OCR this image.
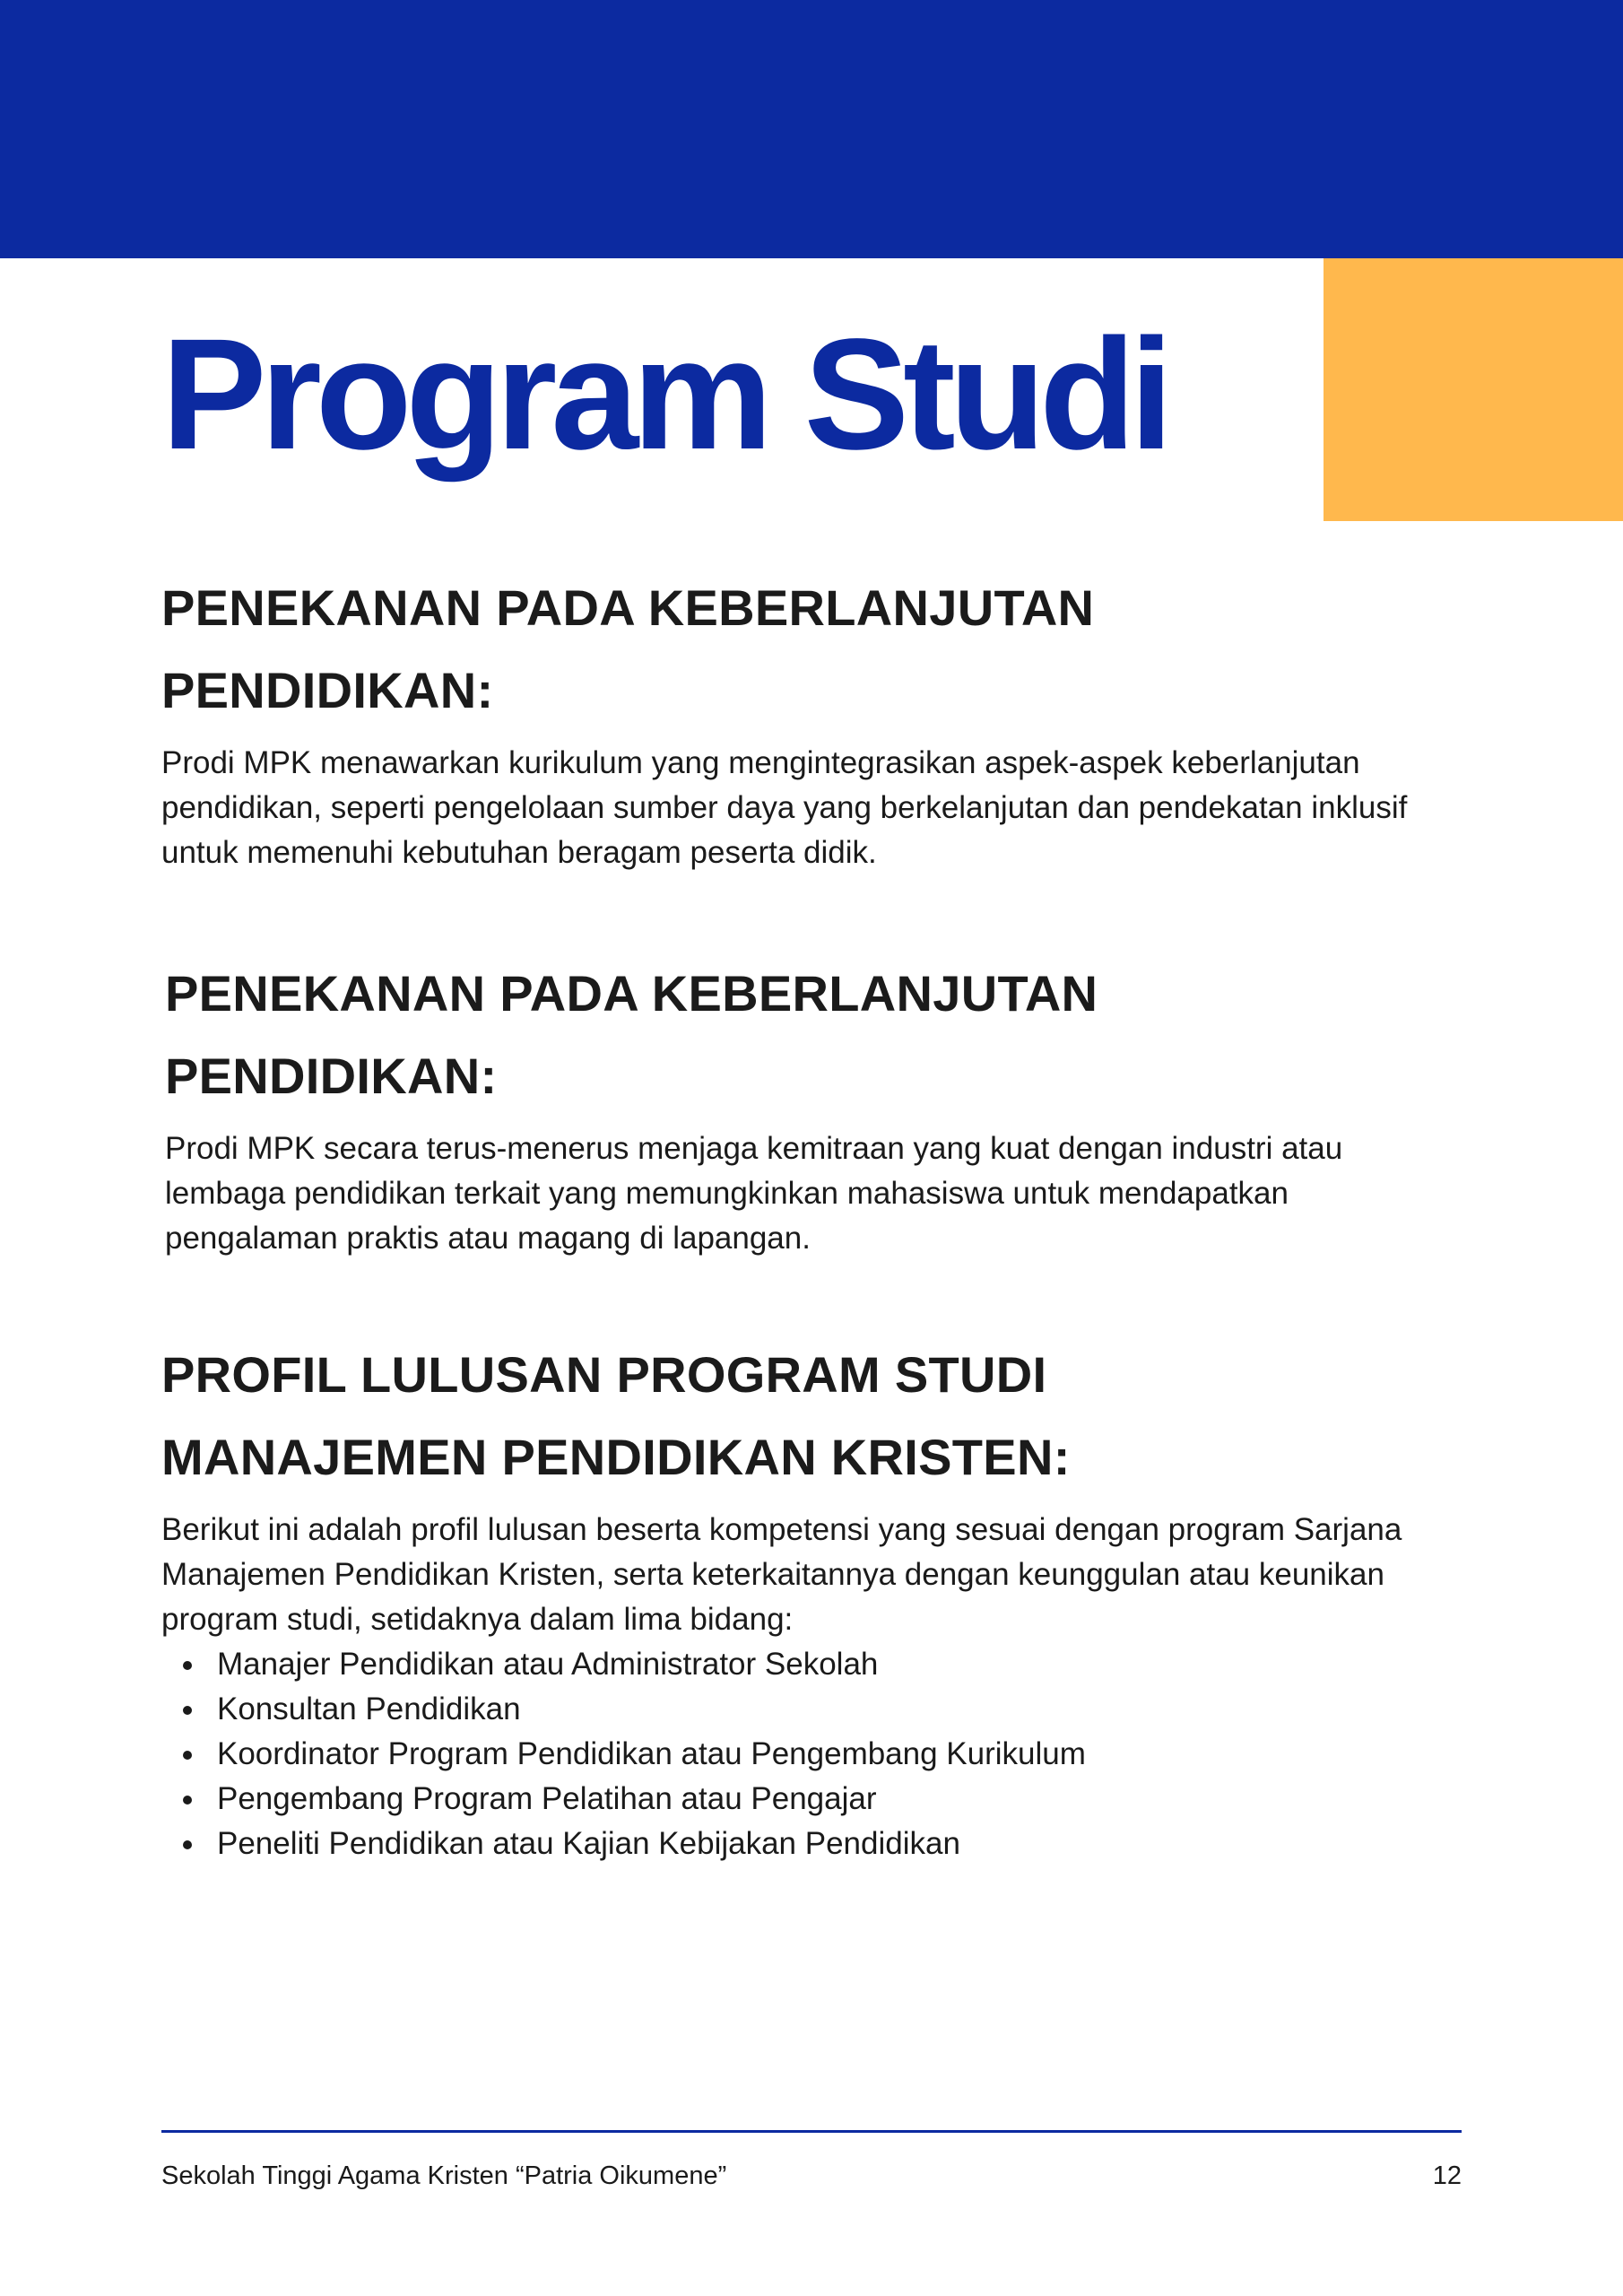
Program Studi
PENEKANAN PADA KEBERLANJUTAN
PENDIDIKAN:

Prodi MPK menawarkan kurikulum yang mengintegrasikan aspek-aspek keberlanjutan pendidikan, seperti pengelolaan sumber daya yang berkelanjutan dan pendekatan inklusif untuk memenuhi kebutuhan beragam peserta didik.

PENEKANAN PADA KEBERLANJUTAN
PENDIDIKAN:

Prodi MPK secara terus-menerus menjaga kemitraan yang kuat dengan industri atau lembaga pendidikan terkait yang memungkinkan mahasiswa untuk mendapatkan pengalaman praktis atau magang di lapangan.

PROFIL LULUSAN PROGRAM STUDI
MANAJEMEN PENDIDIKAN KRISTEN:

Berikut ini adalah profil lulusan beserta kompetensi yang sesuai dengan program Sarjana Manajemen Pendidikan Kristen, serta keterkaitannya dengan keunggulan atau keunikan program studi, setidaknya dalam lima bidang:

Manajer Pendidikan atau Administrator Sekolah
Konsultan Pendidikan
Koordinator Program Pendidikan atau Pengembang Kurikulum
Pengembang Program Pelatihan atau Pengajar
Peneliti Pendidikan atau Kajian Kebijakan Pendidikan
Sekolah Tinggi Agama Kristen “Patria Oikumene”	12
